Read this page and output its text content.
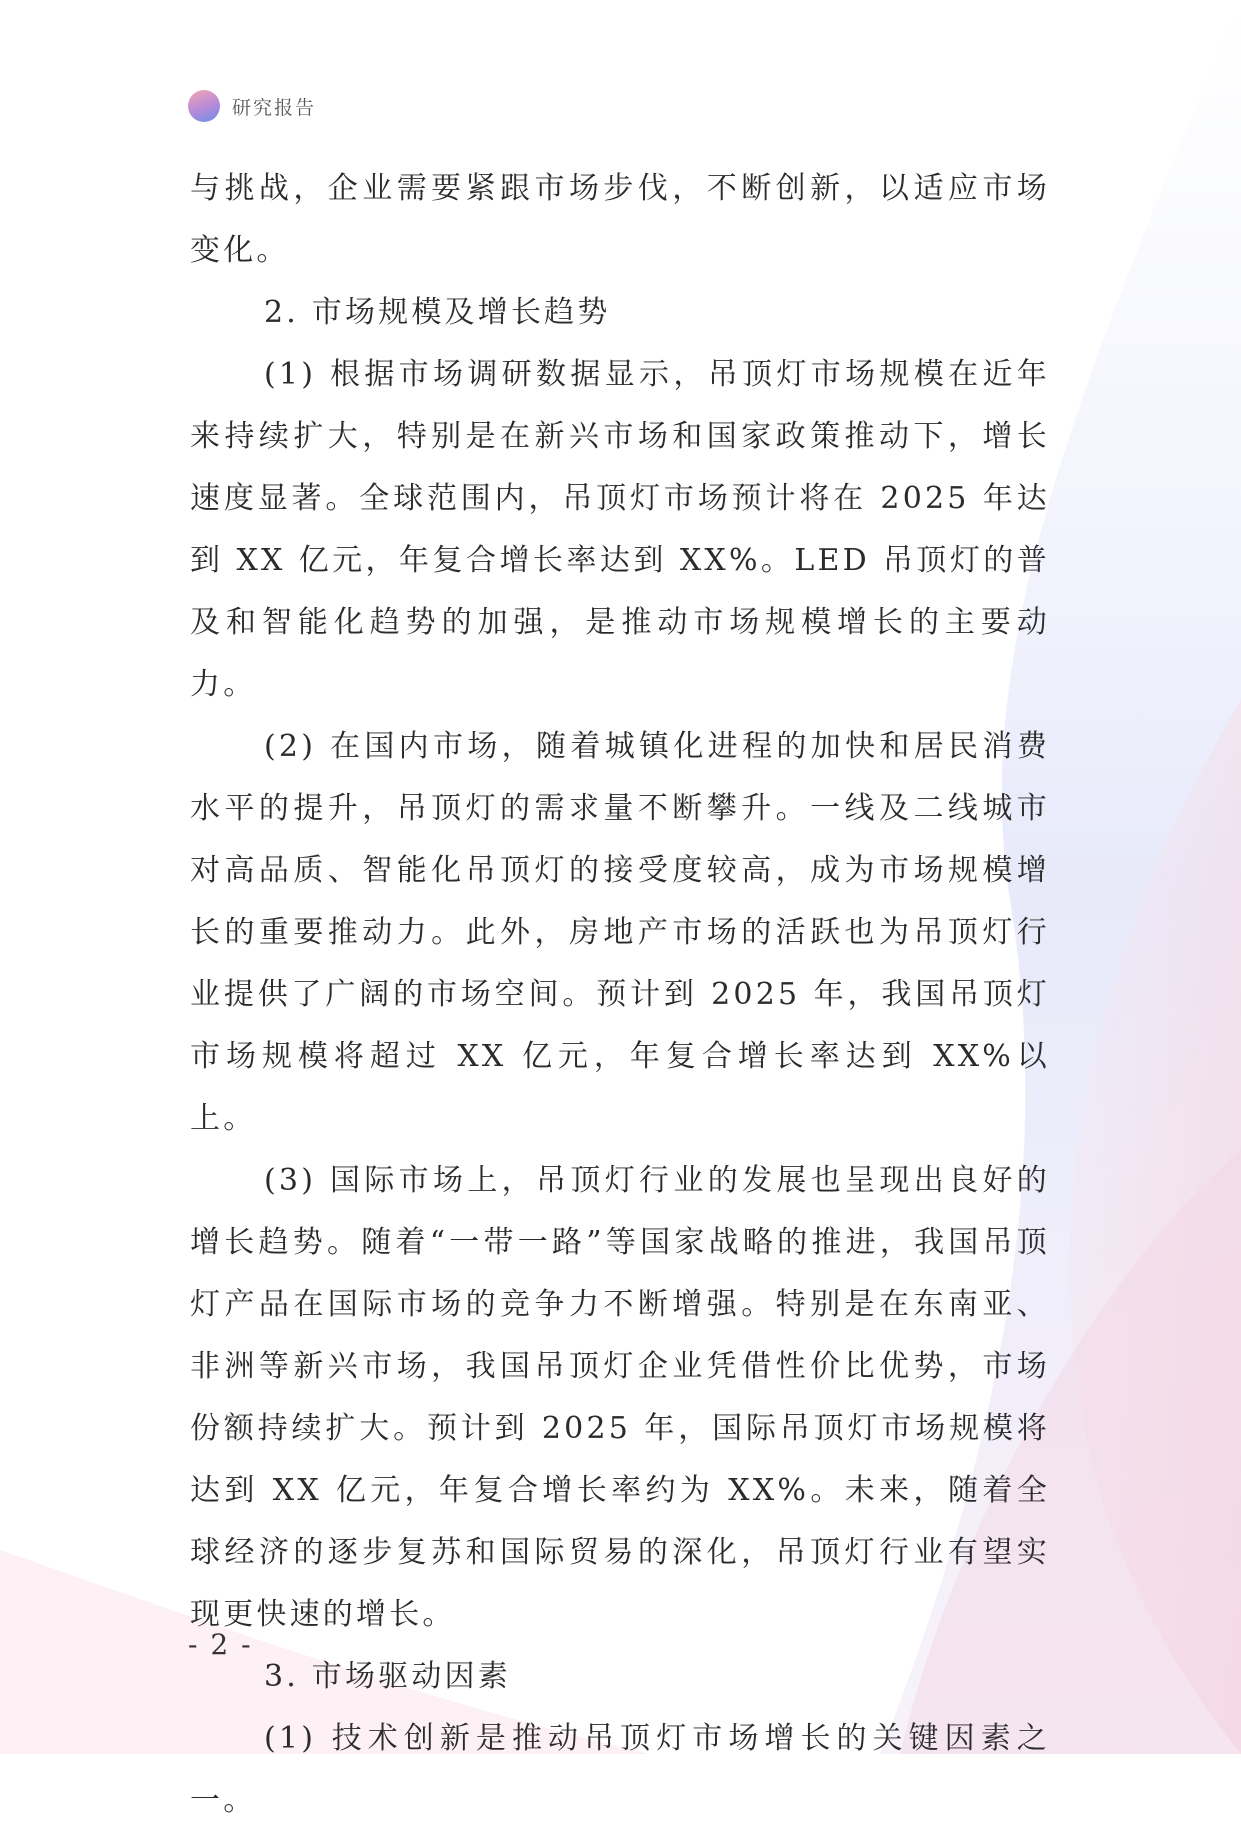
研究报告

与挑战，企业需要紧跟市场步伐，不断创新，以适应市场变化。

2. 市场规模及增长趋势

(1) 根据市场调研数据显示，吊顶灯市场规模在近年来持续扩大，特别是在新兴市场和国家政策推动下，增长速度显著。全球范围内，吊顶灯市场预计将在 2025 年达到 XX 亿元，年复合增长率达到 XX%。LED 吊顶灯的普及和智能化趋势的加强，是推动市场规模增长的主要动力。

(2) 在国内市场，随着城镇化进程的加快和居民消费水平的提升，吊顶灯的需求量不断攀升。一线及二线城市对高品质、智能化吊顶灯的接受度较高，成为市场规模增长的重要推动力。此外，房地产市场的活跃也为吊顶灯行业提供了广阔的市场空间。预计到 2025 年，我国吊顶灯市场规模将超过 XX 亿元，年复合增长率达到 XX%以上。

(3) 国际市场上，吊顶灯行业的发展也呈现出良好的增长趋势。随着“一带一路”等国家战略的推进，我国吊顶灯产品在国际市场的竞争力不断增强。特别是在东南亚、非洲等新兴市场，我国吊顶灯企业凭借性价比优势，市场份额持续扩大。预计到 2025 年，国际吊顶灯市场规模将达到 XX 亿元，年复合增长率约为 XX%。未来，随着全球经济的逐步复苏和国际贸易的深化，吊顶灯行业有望实现更快速的增长。

3. 市场驱动因素

(1) 技术创新是推动吊顶灯市场增长的关键因素之一。

- 2 -
